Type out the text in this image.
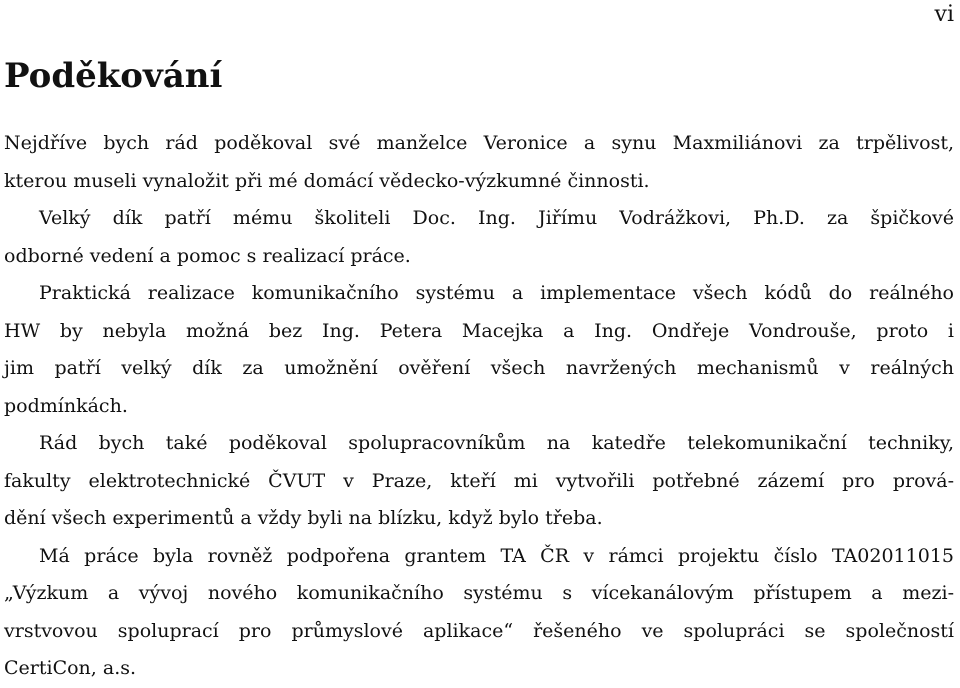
vi
Poděkování

Nejdříve bych rád poděkoval své manželce Veronice a synu Maxmiliánovi za trpělivost,
kterou museli vynaložit při mé domácí vědecko-výzkumné činnosti.

Velký dík patří mému školiteli Doc. Ing. Jiřímu Vodrážkovi, Ph.D. za špičkové
odborné vedení a pomoc s realizací práce.

Praktická realizace komunikačního systému a implementace všech kódů do reálného
HW by nebyla možná bez Ing. Petera Macejka a Ing. Ondřeje Vondrouše, proto i
jim patří velký dík za umožnění ověření všech navržených mechanismů v reálných
podmínkách.

Rád bych také poděkoval spolupracovníkům na katedře telekomunikační techniky,
fakulty elektrotechnické ČVUT v Praze, kteří mi vytvořili potřebné zázemí pro prová-
dění všech experimentů a vždy byli na blízku, když bylo třeba.

Má práce byla rovněž podpořena grantem TA ČR v rámci projektu číslo TA02011015
„Výzkum a vývoj nového komunikačního systému s vícekanálovým přístupem a mezi-
vrstvovou spoluprací pro průmyslové aplikace“ řešeného ve spolupráci se společností
CertiCon, a.s.
